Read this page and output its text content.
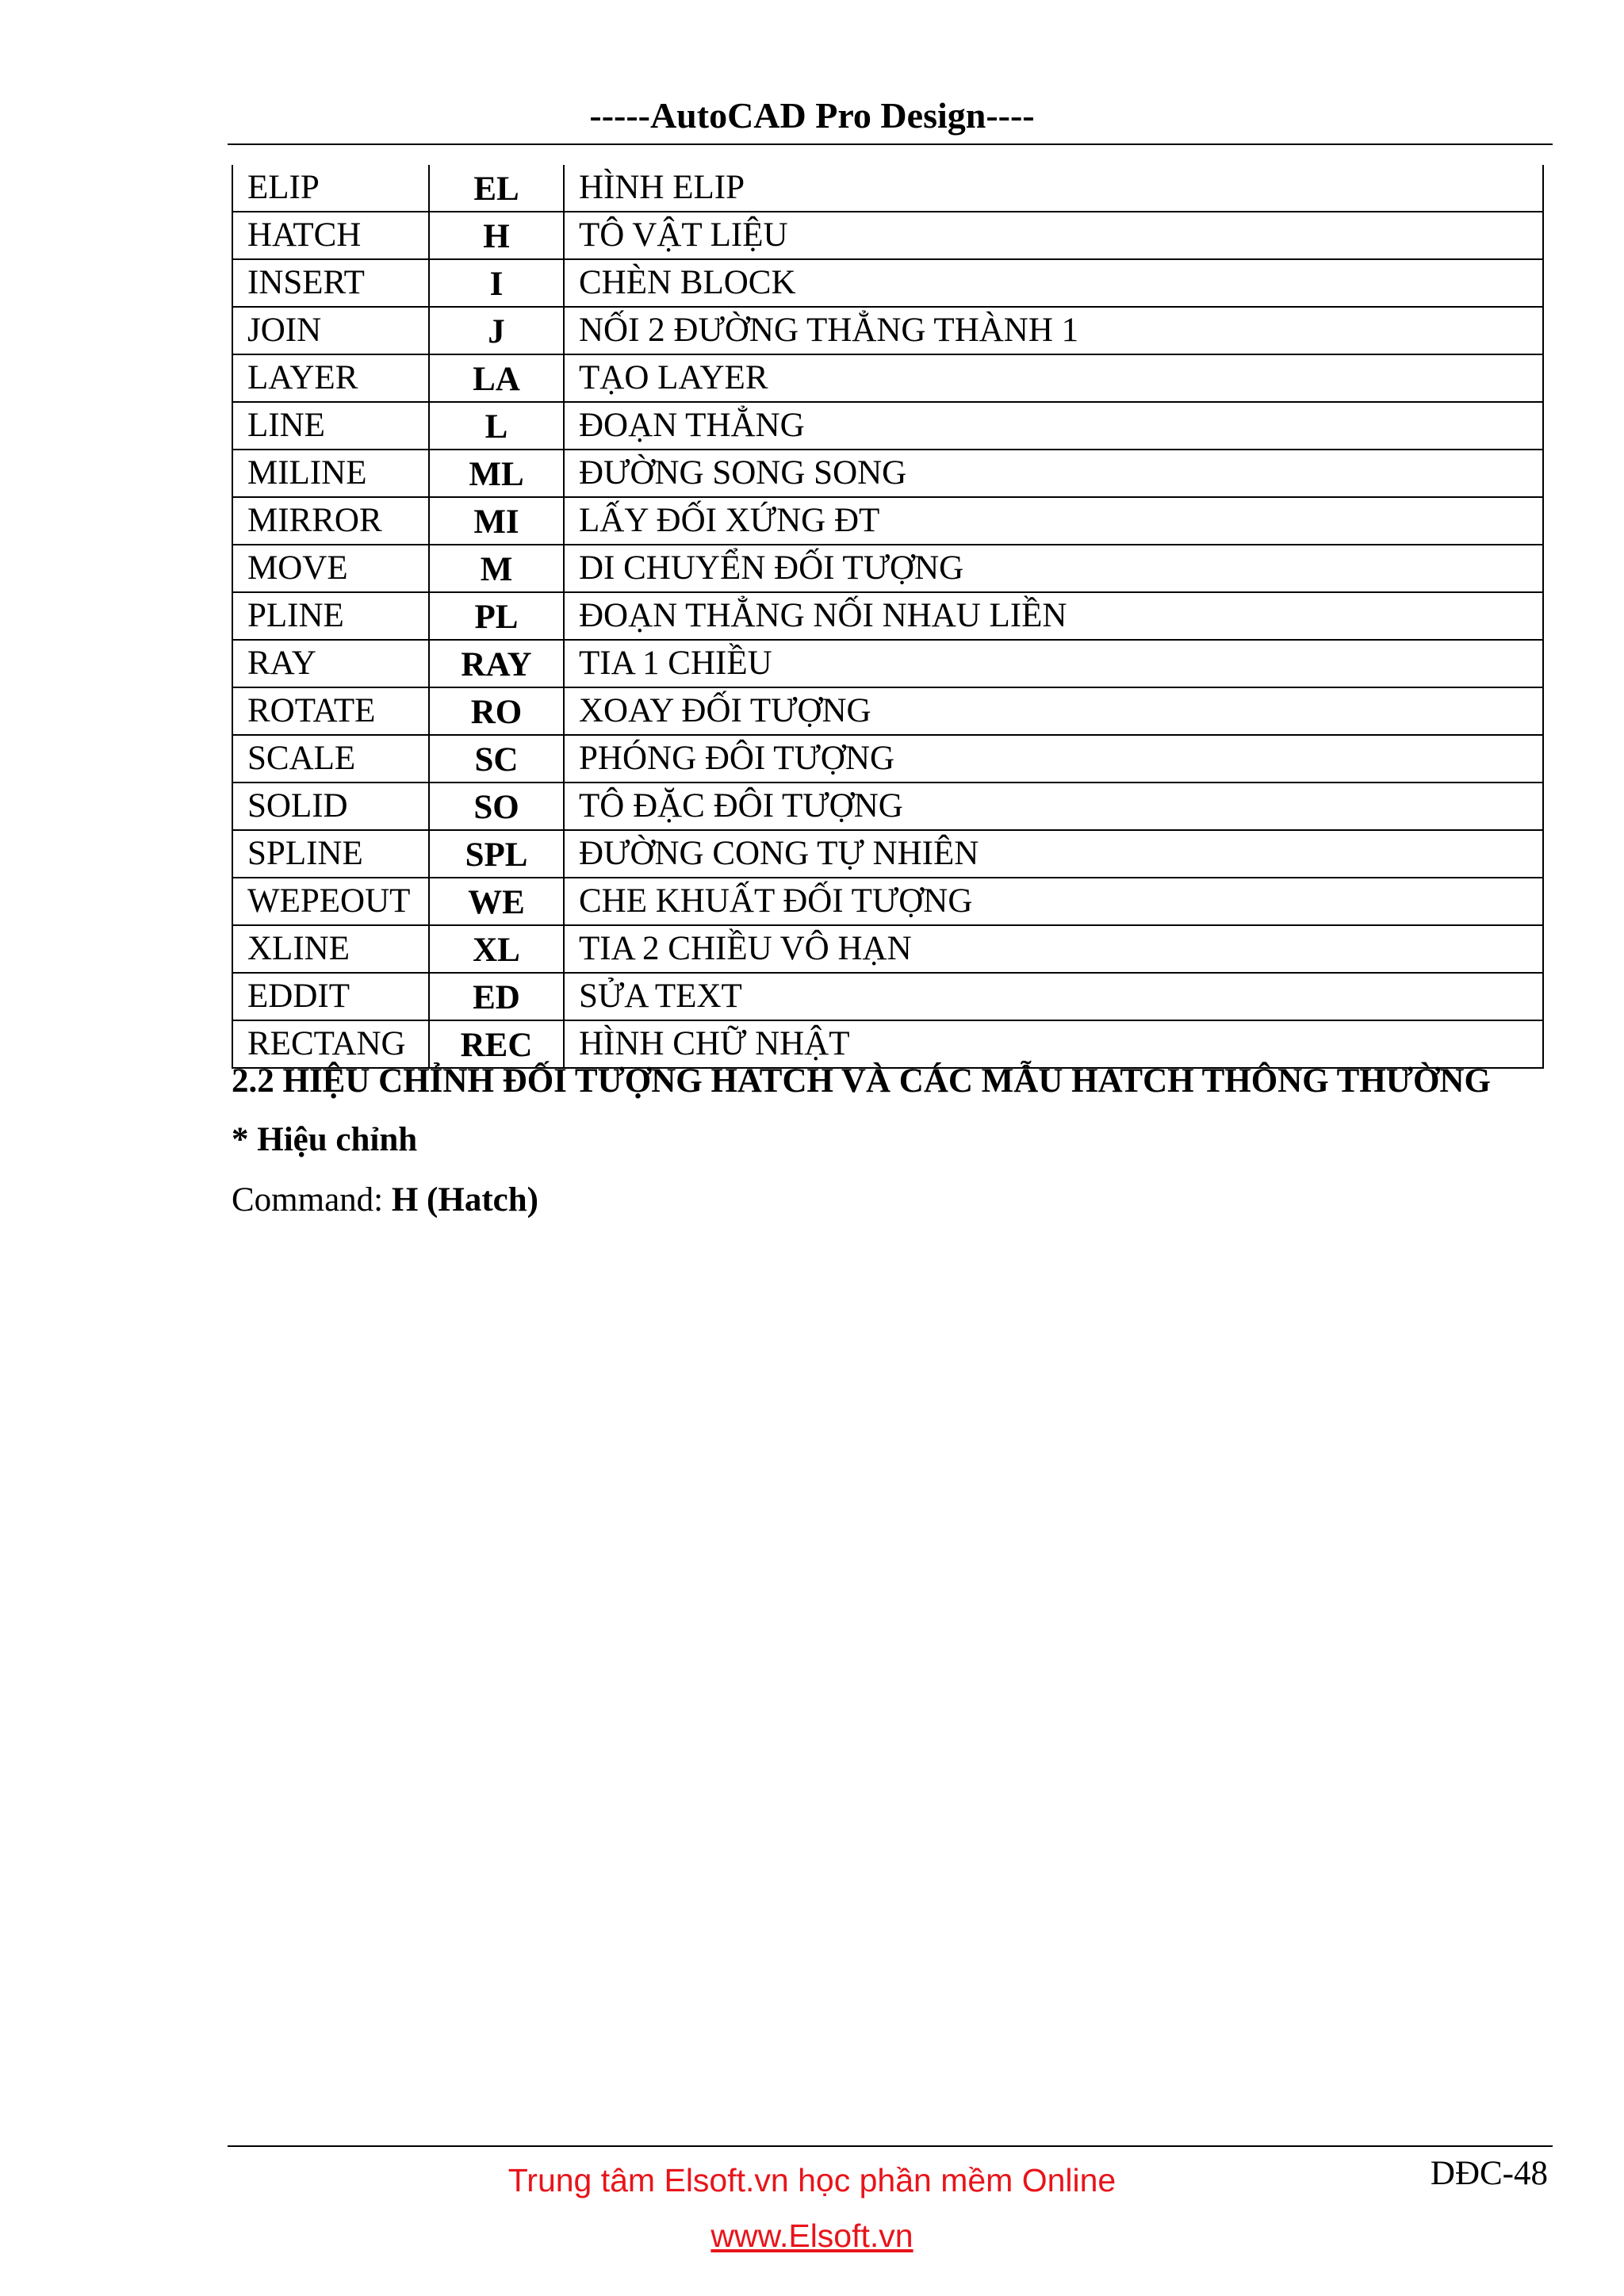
-----AutoCAD Pro Design----
ELIP	EL	HÌNH ELIP
HATCH	H	TÔ VẬT LIỆU
INSERT	I	CHÈN BLOCK
JOIN	J	NỐI 2 ĐƯỜNG THẲNG THÀNH 1
LAYER	LA	TẠO LAYER
LINE	L	ĐOẠN THẲNG
MILINE	ML	ĐƯỜNG SONG SONG
MIRROR	MI	LẤY ĐỐI XỨNG ĐT
MOVE	M	DI CHUYỂN ĐỐI TƯỢNG
PLINE	PL	ĐOẠN THẲNG NỐI NHAU LIỀN
RAY	RAY	TIA 1 CHIỀU
ROTATE	RO	XOAY ĐỐI TƯỢNG
SCALE	SC	PHÓNG ĐÔI TƯỢNG
SOLID	SO	TÔ ĐẶC ĐÔI TƯỢNG
SPLINE	SPL	ĐƯỜNG CONG TỰ NHIÊN
WEPEOUT	WE	CHE KHUẤT ĐỐI TƯỢNG
XLINE	XL	TIA 2 CHIỀU VÔ HẠN
EDDIT	ED	SỬA TEXT
RECTANG	REC	HÌNH CHỮ NHẬT
2.2 HIỆU CHỈNH ĐỐI TƯỢNG HATCH VÀ CÁC MẪU HATCH THÔNG THƯỜNG
* Hiệu chỉnh
Command: H (Hatch)
Trung tâm Elsoft.vn học phần mềm Online
www.Elsoft.vn
DĐC-48
